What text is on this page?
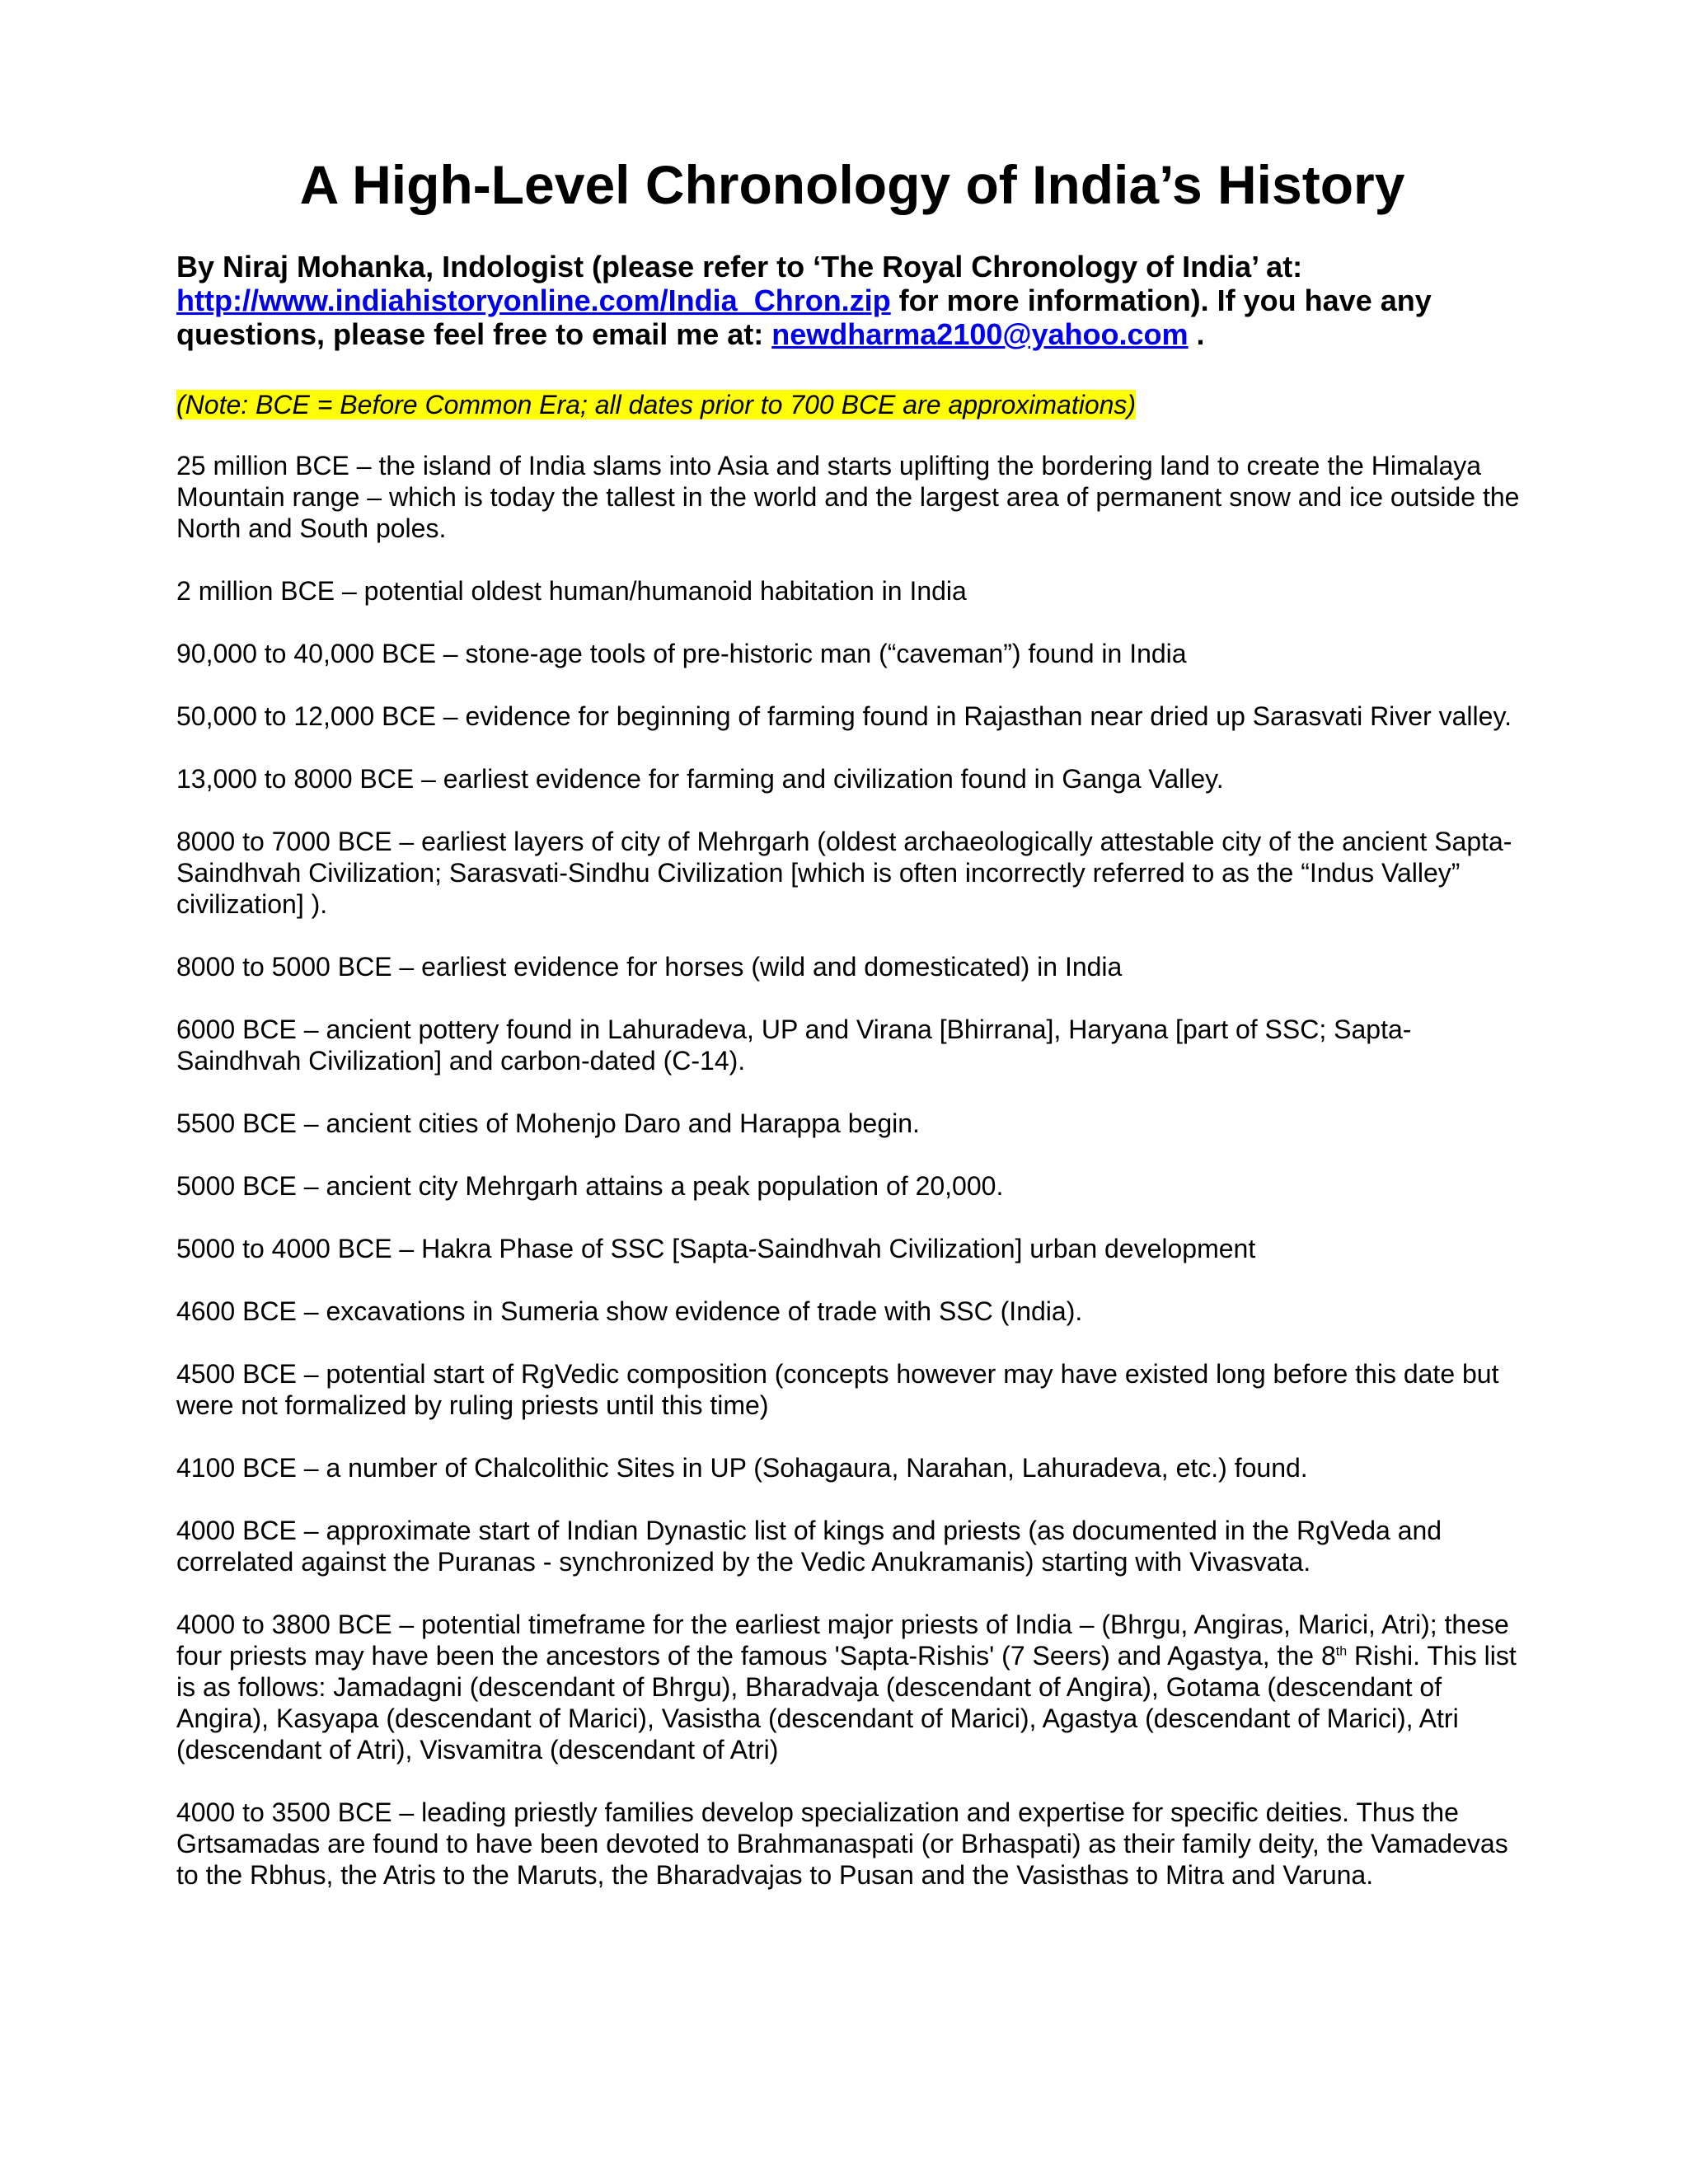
A High-Level Chronology of India’s History

By Niraj Mohanka, Indologist (please refer to ‘The Royal Chronology of India’ at: http://www.indiahistoryonline.com/India_Chron.zip for more information). If you have any questions, please feel free to email me at: newdharma2100@yahoo.com .

(Note: BCE = Before Common Era; all dates prior to 700 BCE are approximations)

25 million BCE – the island of India slams into Asia and starts uplifting the bordering land to create the Himalaya Mountain range – which is today the tallest in the world and the largest area of permanent snow and ice outside the North and South poles.

2 million BCE – potential oldest human/humanoid habitation in India

90,000 to 40,000 BCE – stone-age tools of pre-historic man (“caveman”) found in India

50,000 to 12,000 BCE – evidence for beginning of farming found in Rajasthan near dried up Sarasvati River valley.

13,000 to 8000 BCE – earliest evidence for farming and civilization found in Ganga Valley.

8000 to 7000 BCE – earliest layers of city of Mehrgarh (oldest archaeologically attestable city of the ancient Sapta-Saindhvah Civilization; Sarasvati-Sindhu Civilization [which is often incorrectly referred to as the “Indus Valley” civilization] ).

8000 to 5000 BCE – earliest evidence for horses (wild and domesticated) in India

6000 BCE – ancient pottery found in Lahuradeva, UP and Virana [Bhirrana], Haryana [part of SSC; Sapta-Saindhvah Civilization] and carbon-dated (C-14).

5500 BCE – ancient cities of Mohenjo Daro and Harappa begin.

5000 BCE – ancient city Mehrgarh attains a peak population of 20,000.

5000 to 4000 BCE – Hakra Phase of SSC [Sapta-Saindhvah Civilization] urban development

4600 BCE – excavations in Sumeria show evidence of trade with SSC (India).

4500 BCE – potential start of RgVedic composition (concepts however may have existed long before this date but were not formalized by ruling priests until this time)

4100 BCE – a number of Chalcolithic Sites in UP (Sohagaura, Narahan, Lahuradeva, etc.) found.

4000 BCE – approximate start of Indian Dynastic list of kings and priests (as documented in the RgVeda and correlated against the Puranas - synchronized by the Vedic Anukramanis) starting with Vivasvata.

4000 to 3800 BCE – potential timeframe for the earliest major priests of India – (Bhrgu, Angiras, Marici, Atri); these four priests may have been the ancestors of the famous 'Sapta-Rishis' (7 Seers) and Agastya, the 8th Rishi. This list is as follows: Jamadagni (descendant of Bhrgu), Bharadvaja (descendant of Angira), Gotama (descendant of Angira), Kasyapa (descendant of Marici), Vasistha (descendant of Marici), Agastya (descendant of Marici), Atri (descendant of Atri), Visvamitra (descendant of Atri)

4000 to 3500 BCE – leading priestly families develop specialization and expertise for specific deities. Thus the Grtsamadas are found to have been devoted to Brahmanaspati (or Brhaspati) as their family deity, the Vamadevas to the Rbhus, the Atris to the Maruts, the Bharadvajas to Pusan and the Vasisthas to Mitra and Varuna.
